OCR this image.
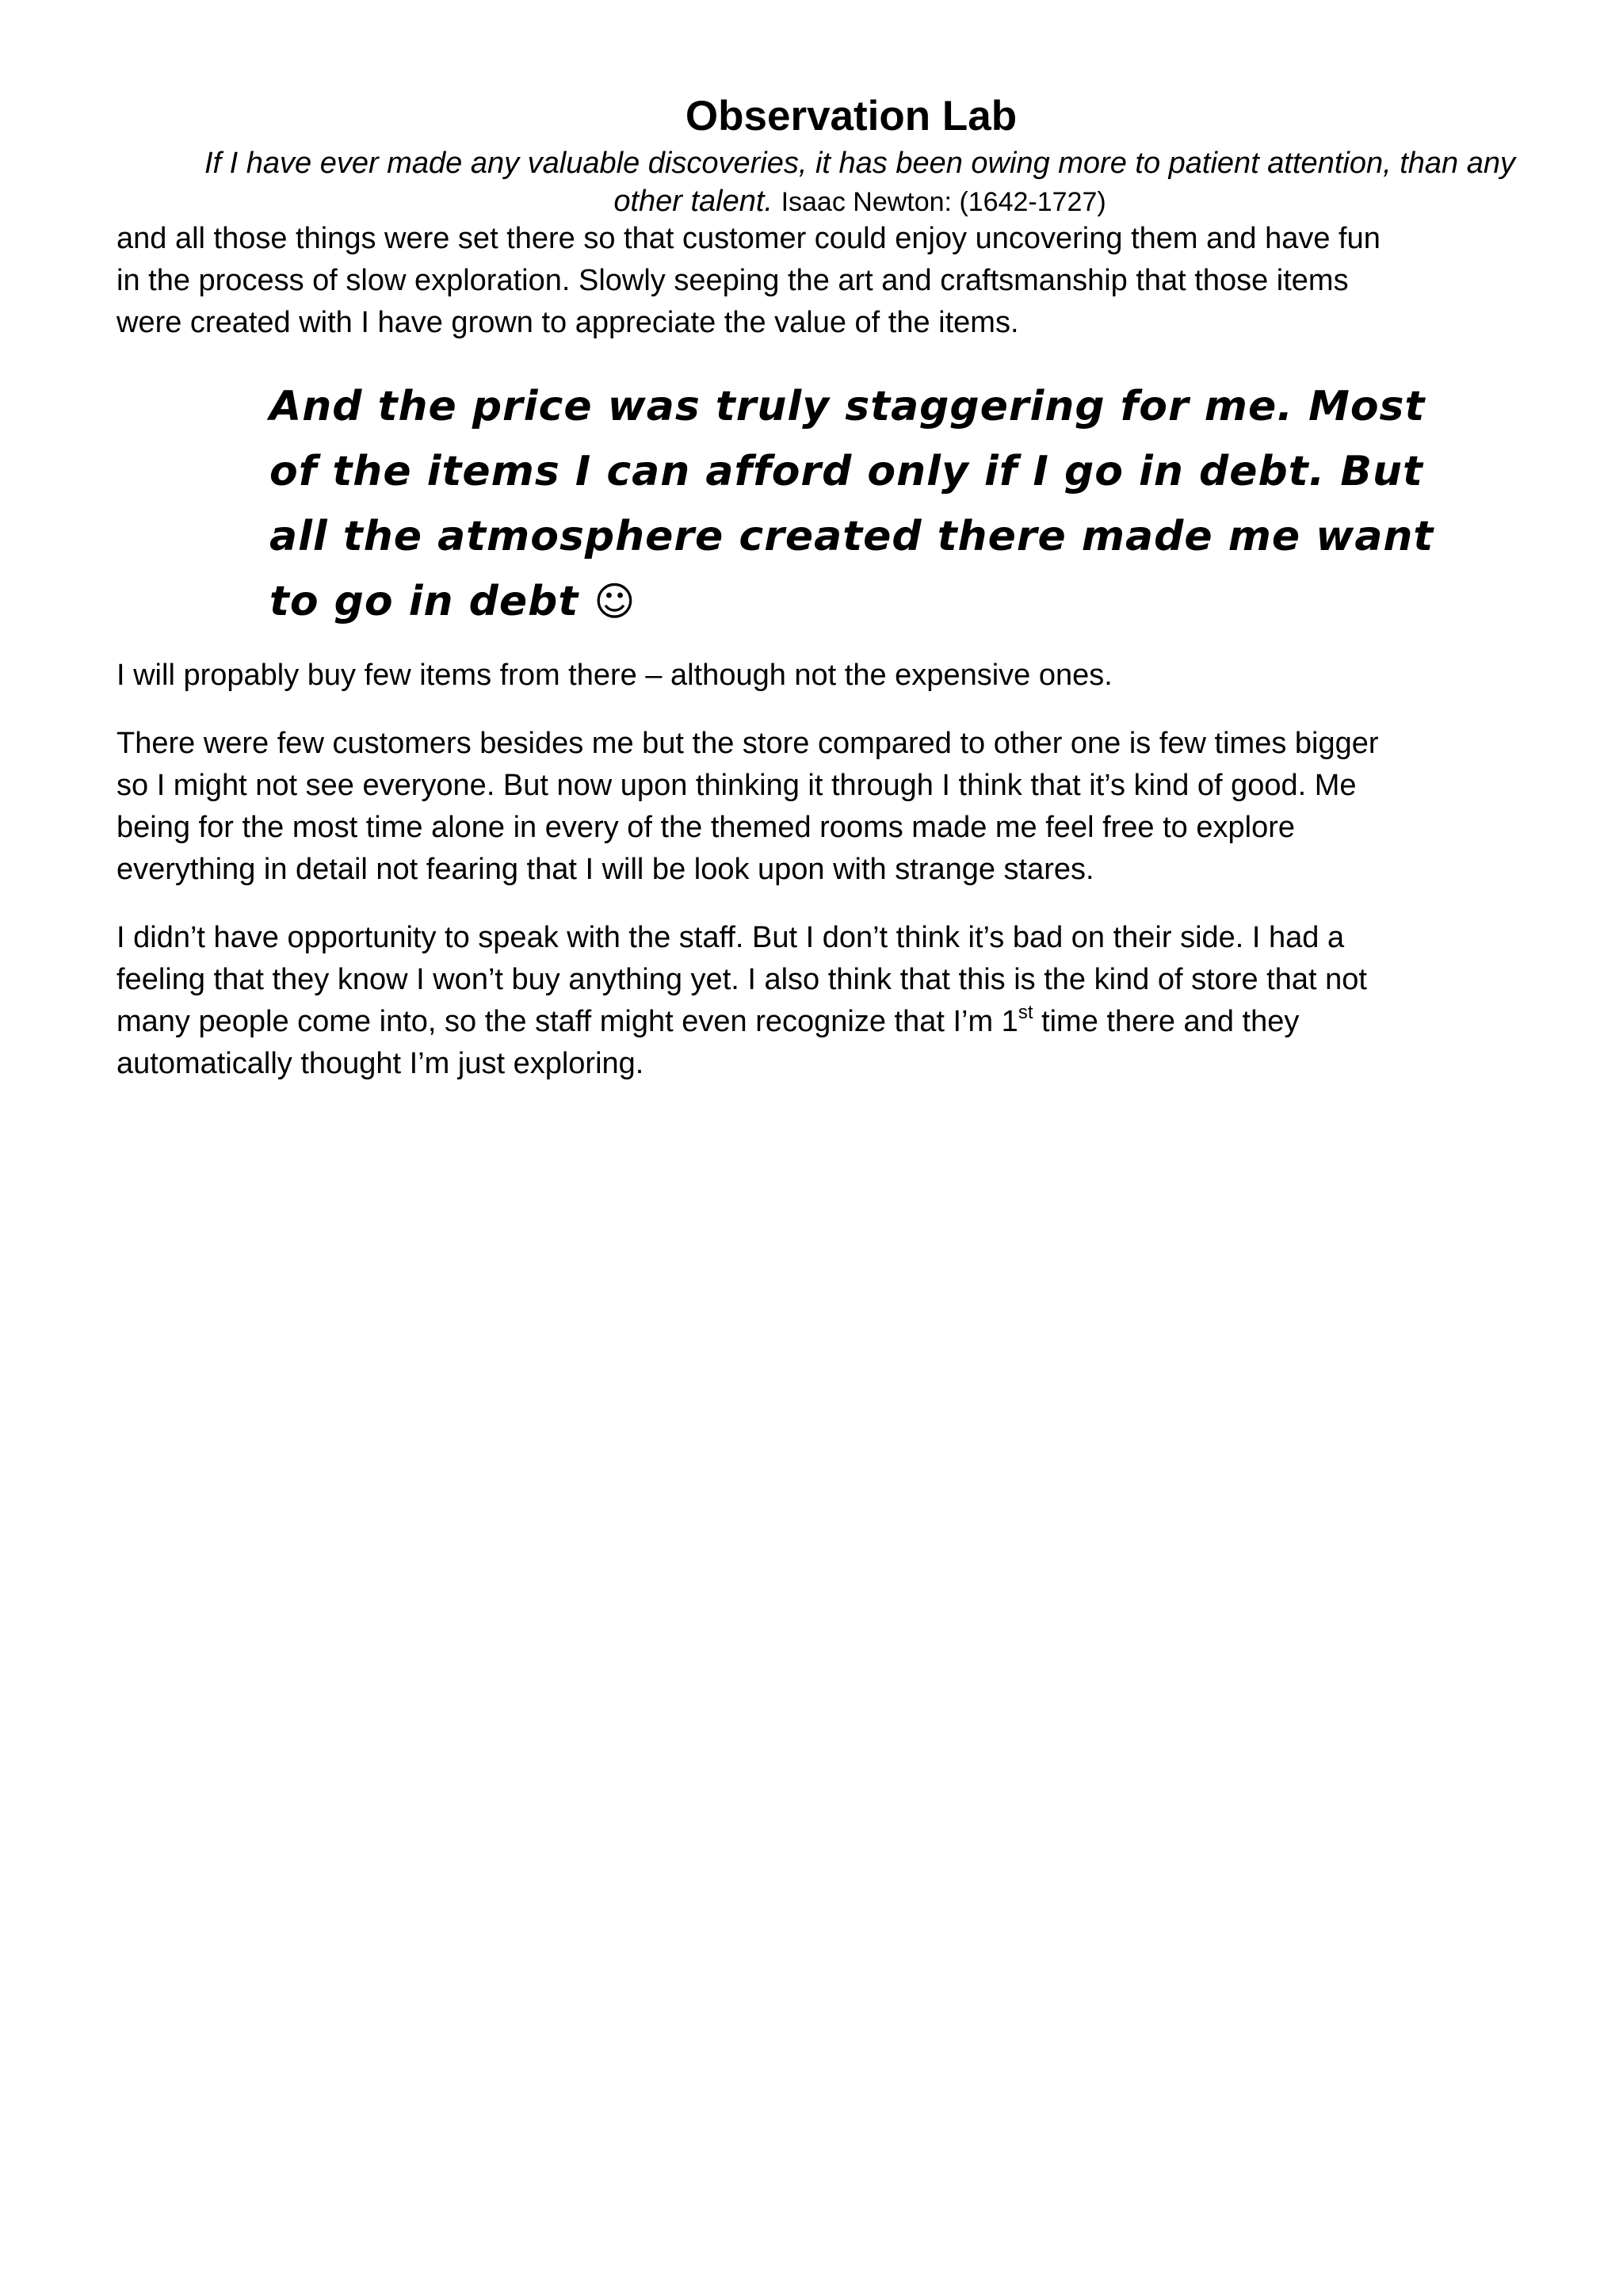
Observation Lab
If I have ever made any valuable discoveries, it has been owing more to patient attention, than any other talent. Isaac Newton: (1642-1727)

and all those things were set there so that customer could enjoy uncovering them and have fun in the process of slow exploration. Slowly seeping the art and craftsmanship that those items were created with I have grown to appreciate the value of the items.

And the price was truly staggering for me. Most of the items I can afford only if I go in debt. But all the atmosphere created there made me want to go in debt ☺

I will propably buy few items from there – although not the expensive ones.

There were few customers besides me but the store compared to other one is few times bigger so I might not see everyone. But now upon thinking it through I think that it’s kind of good. Me being for the most time alone in every of the themed rooms made me feel free to explore everything in detail not fearing that I will be look upon with strange stares.

I didn’t have opportunity to speak with the staff. But I don’t think it’s bad on their side. I had a feeling that they know I won’t buy anything yet. I also think that this is the kind of store that not many people come into, so the staff might even recognize that I’m 1st time there and they automatically thought I’m just exploring.
